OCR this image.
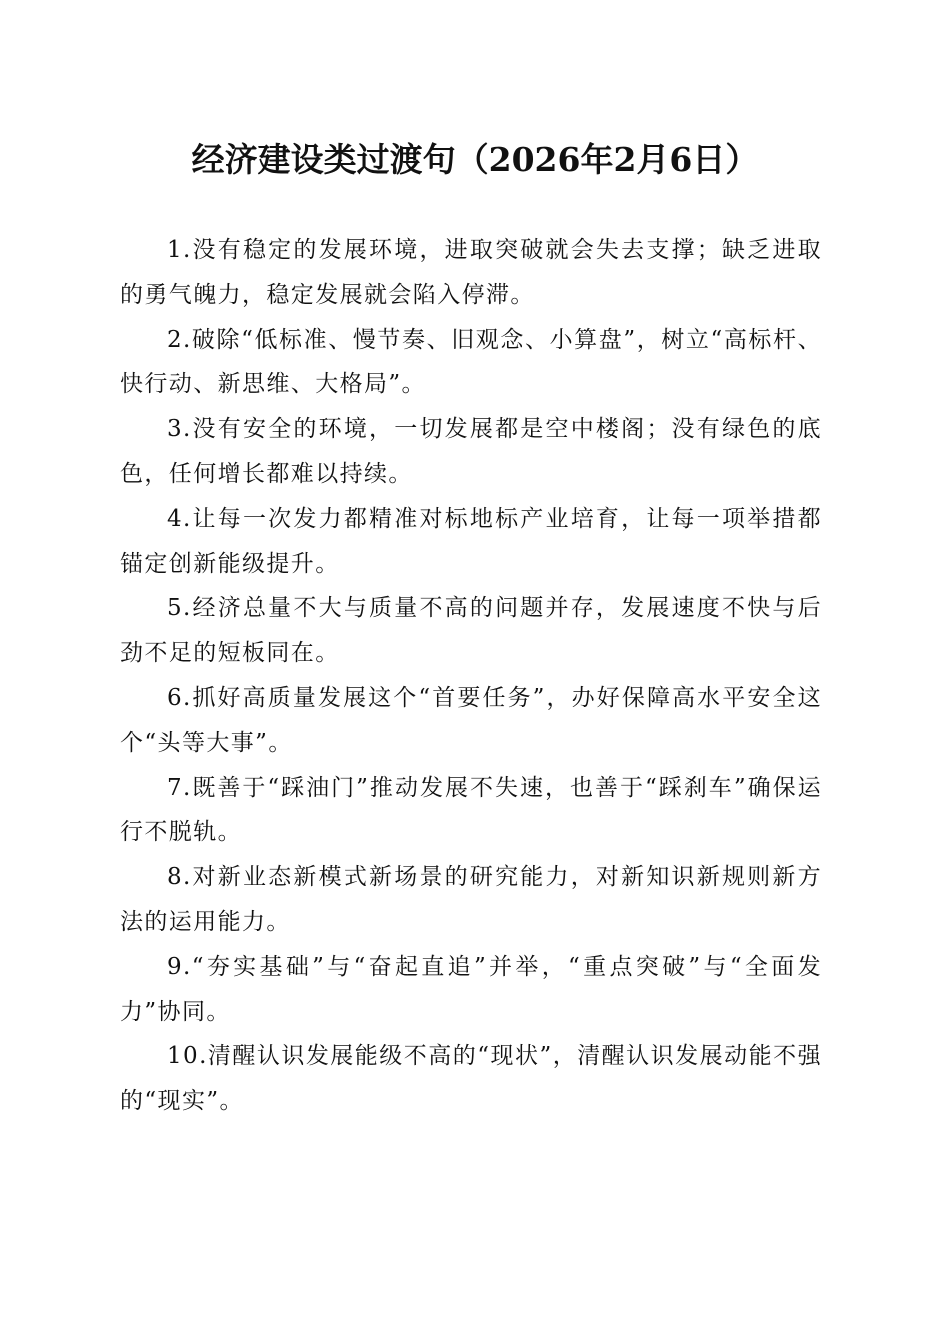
经济建设类过渡句（2026年2月6日）

1.没有稳定的发展环境，进取突破就会失去支撑；缺乏进取的勇气魄力，稳定发展就会陷入停滞。

2.破除“低标准、慢节奏、旧观念、小算盘”，树立“高标杆、快行动、新思维、大格局”。

3.没有安全的环境，一切发展都是空中楼阁；没有绿色的底色，任何增长都难以持续。

4.让每一次发力都精准对标地标产业培育，让每一项举措都锚定创新能级提升。

5.经济总量不大与质量不高的问题并存，发展速度不快与后劲不足的短板同在。

6.抓好高质量发展这个“首要任务”，办好保障高水平安全这个“头等大事”。

7.既善于“踩油门”推动发展不失速，也善于“踩刹车”确保运行不脱轨。

8.对新业态新模式新场景的研究能力，对新知识新规则新方法的运用能力。

9.“夯实基础”与“奋起直追”并举，“重点突破”与“全面发力”协同。

10.清醒认识发展能级不高的“现状”，清醒认识发展动能不强的“现实”。
